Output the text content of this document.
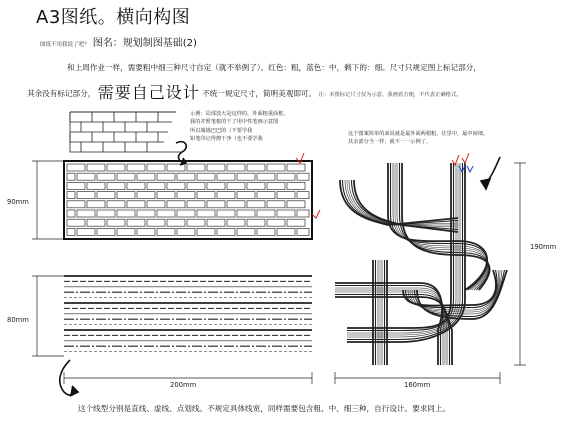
A3图纸。横向构图
图纸不用我说了吧？ 图名：规划制图基础(2)
和上周作业一样，需要粗中细三种尺寸自定（就不举例了）。红色：粗，蓝色：中，剩下的：细。尺寸只规定图上标记部分，
其余没有标记部分， 需要自己设计 不统一规定尺寸，简明美观即可。 注：本图标记尺寸仅为示意，我画着方便，不代表正确格式。
示例：局部放大是这样的，外面粗重面框。
我的并暂笔框的干了用中性笔画示意图
所以墙墙巴巴的（不要学我
铅笔印记得擦干净（也不要学我
这个图案简单的来说就是最外面两根粗，往里中，最中间细。
其余部分当一样，就不一一示例了。
这个线型分别是直线、虚线、点划线。不规定具体线宽，同样需要包含粗、中、细三种，自行设计。要求同上。
90mm
80mm
200mm
190mm
160mm
